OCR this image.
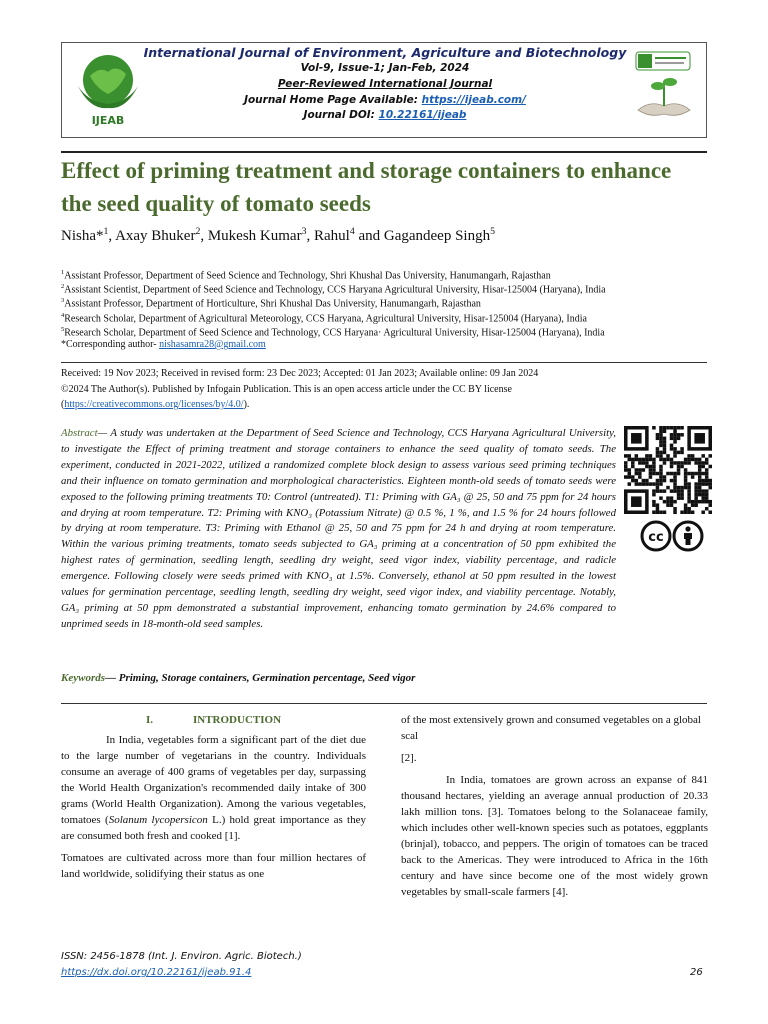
IJEAB
International Journal of Environment, Agriculture and Biotechnology
Vol-9, Issue-1; Jan-Feb, 2024
Peer-Reviewed International Journal
Journal Home Page Available: https://ijeab.com/
Journal DOI: 10.22161/ijeab
Effect of priming treatment and storage containers to enhance the seed quality of tomato seeds
Nisha*$^1$, Axay Bhuker$^2$, Mukesh Kumar$^3$, Rahul$^4$ and Gagandeep Singh$^5$
$^1$Assistant Professor, Department of Seed Science and Technology, Shri Khushal Das University, Hanumangarh, Rajasthan
$^2$Assistant Scientist, Department of Seed Science and Technology, CCS Haryana Agricultural University, Hisar-125004 (Haryana), India
$^3$Assistant Professor, Department of Horticulture, Shri Khushal Das University, Hanumangarh, Rajasthan
$^4$Research Scholar, Department of Agricultural Meteorology, CCS Haryana, Agricultural University, Hisar-125004 (Haryana), India
$^5$Research Scholar, Department of Seed Science and Technology, CCS Haryana· Agricultural University, Hisar-125004 (Haryana), India
*Corresponding author- nishasamra28@gmail.com
Received: 19 Nov 2023; Received in revised form: 23 Dec 2023; Accepted: 01 Jan 2023; Available online: 09 Jan 2024
©2024 The Author(s). Published by Infogain Publication. This is an open access article under the CC BY license
(https://creativecommons.org/licenses/by/4.0/).
Abstract— A study was undertaken at the Department of Seed Science and Technology, CCS Haryana Agricultural University, to investigate the Effect of priming treatment and storage containers to enhance the seed quality of tomato seeds. The experiment, conducted in 2021-2022, utilized a randomized complete block design to assess various seed priming techniques and their influence on tomato germination and morphological characteristics. Eighteen month-old seeds of tomato seeds were exposed to the following priming treatments T0: Control (untreated). T1: Priming with GA₃ @ 25, 50 and 75 ppm for 24 hours and drying at room temperature. T2: Priming with KNO₃ (Potassium Nitrate) @ 0.5 %, 1 %, and 1.5 % for 24 hours followed by drying at room temperature. T3: Priming with Ethanol @ 25, 50 and 75 ppm for 24 h and drying at room temperature. Within the various priming treatments, tomato seeds subjected to GA₃ priming at a concentration of 50 ppm exhibited the highest rates of germination, seedling length, seedling dry weight, seed vigor index, viability percentage, and radicle emergence. Following closely were seeds primed with KNO₃ at 1.5%. Conversely, ethanol at 50 ppm resulted in the lowest values for germination percentage, seedling length, seedling dry weight, seed vigor index, and viability percentage. Notably, GA₃ priming at 50 ppm demonstrated a substantial improvement, enhancing tomato germination by 24.6% compared to unprimed seeds in 18-month-old seed samples.
cc
Keywords— Priming, Storage containers, Germination percentage, Seed vigor
I.	INTRODUCTION

In India, vegetables form a significant part of the diet due to the large number of vegetarians in the country. Individuals consume an average of 400 grams of vegetables per day, surpassing the World Health Organization's recommended daily intake of 300 grams (World Health Organization). Among the various vegetables, tomatoes (Solanum lycopersicon L.) hold great importance as they are consumed both fresh and cooked [1].

Tomatoes are cultivated across more than four million hectares of land worldwide, solidifying their status as one

of the most extensively grown and consumed vegetables on a global scal

[2].

In India, tomatoes are grown across an expanse of 841 thousand hectares, yielding an average annual production of 20.33 lakh million tons. [3]. Tomatoes belong to the Solanaceae family, which includes other well-known species such as potatoes, eggplants (brinjal), tobacco, and peppers. The origin of tomatoes can be traced back to the Americas. They were introduced to Africa in the 16th century and have since become one of the most widely grown vegetables by small-scale farmers [4].

ISSN: 2456-1878 (Int. J. Environ. Agric. Biotech.)
https://dx.doi.org/10.22161/ijeab.91.4	26
